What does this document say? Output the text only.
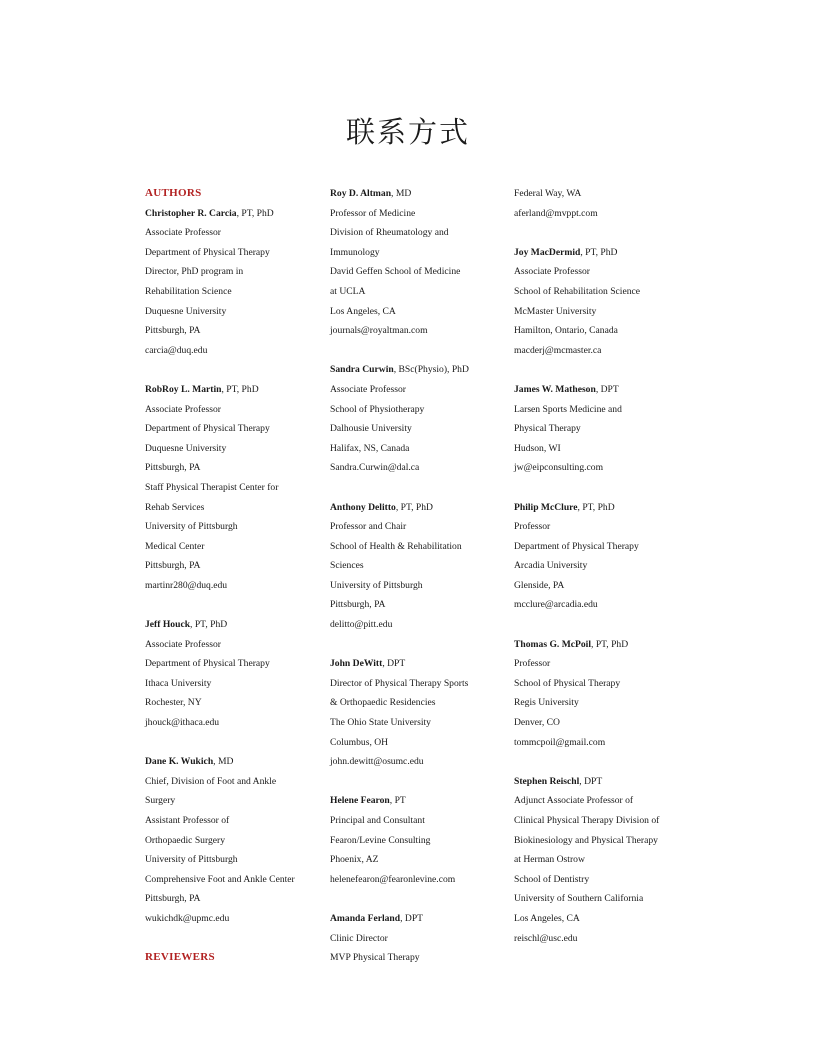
联系方式
AUTHORS
Christopher R. Carcia, PT, PhD
Associate Professor
Department of Physical Therapy
Director, PhD program in
Rehabilitation Science
Duquesne University
Pittsburgh, PA
carcia@duq.edu
RobRoy L. Martin, PT, PhD
Associate Professor
Department of Physical Therapy
Duquesne University
Pittsburgh, PA
Staff Physical Therapist Center for
Rehab Services
University of Pittsburgh
Medical Center
Pittsburgh, PA
martinr280@duq.edu
Jeff Houck, PT, PhD
Associate Professor
Department of Physical Therapy
Ithaca University
Rochester, NY
jhouck@ithaca.edu
Dane K. Wukich, MD
Chief, Division of Foot and Ankle
Surgery
Assistant Professor of
Orthopaedic Surgery
University of Pittsburgh
Comprehensive Foot and Ankle Center
Pittsburgh, PA
wukichdk@upmc.edu
REVIEWERS
Roy D. Altman, MD
Professor of Medicine
Division of Rheumatology and
Immunology
David Geffen School of Medicine
at UCLA
Los Angeles, CA
journals@royaltman.com
Sandra Curwin, BSc(Physio), PhD
Associate Professor
School of Physiotherapy
Dalhousie University
Halifax, NS, Canada
Sandra.Curwin@dal.ca
Anthony Delitto, PT, PhD
Professor and Chair
School of Health & Rehabilitation
Sciences
University of Pittsburgh
Pittsburgh, PA
delitto@pitt.edu
John DeWitt, DPT
Director of Physical Therapy Sports
& Orthopaedic Residencies
The Ohio State University
Columbus, OH
john.dewitt@osumc.edu
Helene Fearon, PT
Principal and Consultant
Fearon/Levine Consulting
Phoenix, AZ
helenefearon@fearonlevine.com
Amanda Ferland, DPT
Clinic Director
MVP Physical Therapy
Federal Way, WA
aferland@mvppt.com
Joy MacDermid, PT, PhD
Associate Professor
School of Rehabilitation Science
McMaster University
Hamilton, Ontario, Canada
macderj@mcmaster.ca
James W. Matheson, DPT
Larsen Sports Medicine and
Physical Therapy
Hudson, WI
jw@eipconsulting.com
Philip McClure, PT, PhD
Professor
Department of Physical Therapy
Arcadia University
Glenside, PA
mcclure@arcadia.edu
Thomas G. McPoil, PT, PhD
Professor
School of Physical Therapy
Regis University
Denver, CO
tommcpoil@gmail.com
Stephen Reischl, DPT
Adjunct Associate Professor of
Clinical Physical Therapy Division of
Biokinesiology and Physical Therapy
at Herman Ostrow
School of Dentistry
University of Southern California
Los Angeles, CA
reischl@usc.edu
